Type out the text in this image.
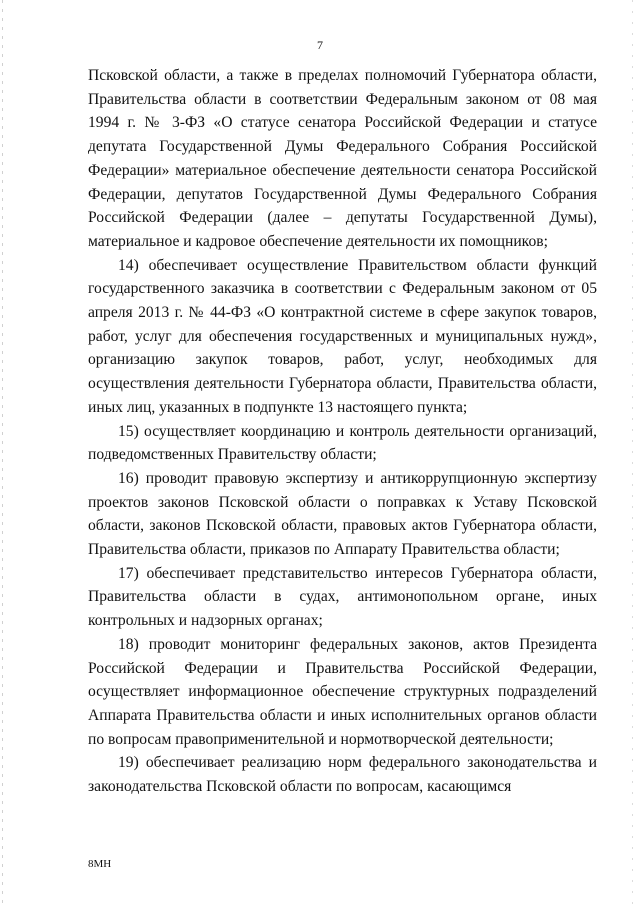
7

Псковской области, а также в пределах полномочий Губернатора области, Правительства области в соответствии Федеральным законом от 08 мая 1994 г. № 3-ФЗ «О статусе сенатора Российской Федерации и статусе депутата Государственной Думы Федерального Собрания Российской Федерации» материальное обеспечение деятельности сенатора Российской Федерации, депутатов Государственной Думы Федерального Собрания Российской Федерации (далее – депутаты Государственной Думы), материальное и кадровое обеспечение деятельности их помощников;

14) обеспечивает осуществление Правительством области функций государственного заказчика в соответствии с Федеральным законом от 05 апреля 2013 г. № 44-ФЗ «О контрактной системе в сфере закупок товаров, работ, услуг для обеспечения государственных и муниципальных нужд», организацию закупок товаров, работ, услуг, необходимых для осуществления деятельности Губернатора области, Правительства области, иных лиц, указанных в подпункте 13 настоящего пункта;

15) осуществляет координацию и контроль деятельности организаций, подведомственных Правительству области;

16) проводит правовую экспертизу и антикоррупционную экспертизу проектов законов Псковской области о поправках к Уставу Псковской области, законов Псковской области, правовых актов Губернатора области, Правительства области, приказов по Аппарату Правительства области;

17) обеспечивает представительство интересов Губернатора области, Правительства области в судах, антимонопольном органе, иных контрольных и надзорных органах;

18) проводит мониторинг федеральных законов, актов Президента Российской Федерации и Правительства Российской Федерации, осуществляет информационное обеспечение структурных подразделений Аппарата Правительства области и иных исполнительных органов области по вопросам правоприменительной и нормотворческой деятельности;

19) обеспечивает реализацию норм федерального законодательства и законодательства Псковской области по вопросам, касающимся

8MH
